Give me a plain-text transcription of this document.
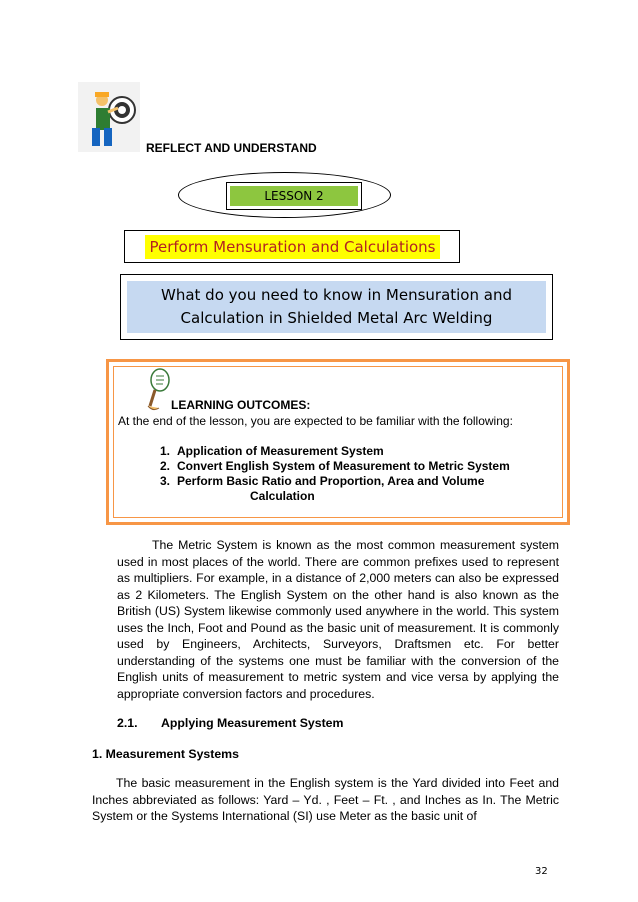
REFLECT AND UNDERSTAND
LESSON 2
Perform Mensuration and Calculations
What do you need to know in Mensuration and
Calculation in Shielded Metal Arc Welding
LEARNING OUTCOMES:
At the end of the lesson, you are expected to be familiar with the following:
1. Application of Measurement System
2. Convert English System of Measurement to Metric System
3. Perform Basic Ratio and Proportion, Area and Volume
Calculation
The Metric System is known as the most common measurement system used in most places of the world. There are common prefixes used to represent as multipliers. For example, in a distance of 2,000 meters can also be expressed as 2 Kilometers. The English System on the other hand is also known as the British (US) System likewise commonly used anywhere in the world. This system uses the Inch, Foot and Pound as the basic unit of measurement. It is commonly used by Engineers, Architects, Surveyors, Draftsmen etc. For better understanding of the systems one must be familiar with the conversion of the English units of measurement to metric system and vice versa by applying the appropriate conversion factors and procedures.
2.1. Applying Measurement System
1. Measurement Systems
The basic measurement in the English system is the Yard divided into Feet and Inches abbreviated as follows: Yard – Yd. , Feet – Ft. , and Inches as In. The Metric System or the Systems International (SI) use Meter as the basic unit of
32
